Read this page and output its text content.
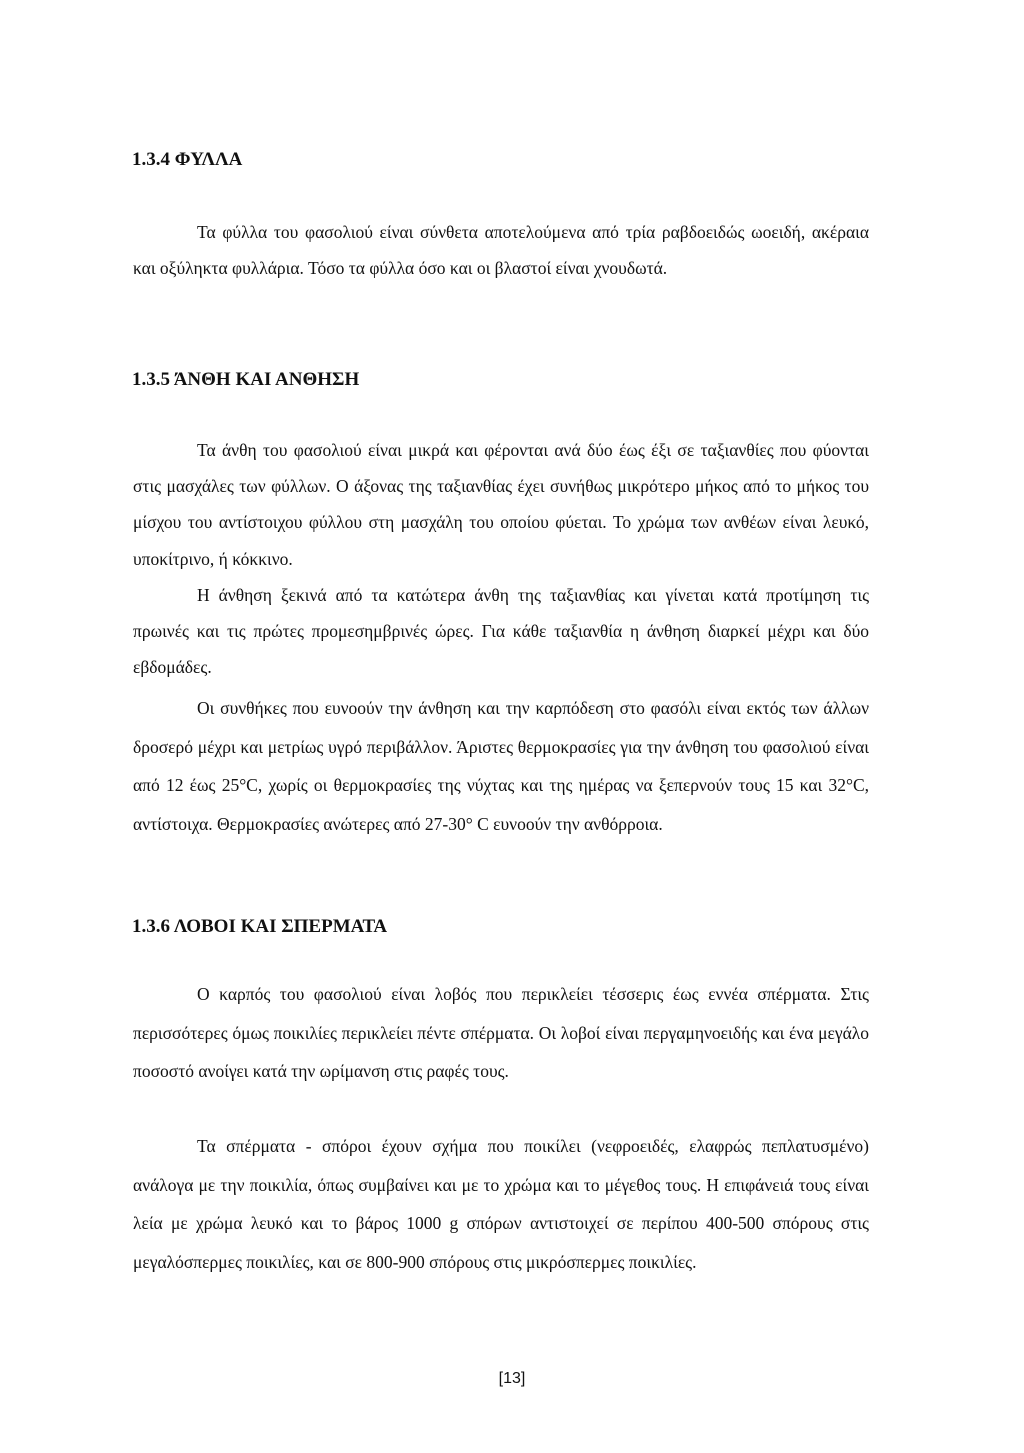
1.3.4 ΦΥΛΛΑ

Τα φύλλα του φασολιού είναι σύνθετα αποτελούμενα από τρία ραβδοειδώς ωοειδή, ακέραια και οξύληκτα φυλλάρια. Τόσο τα φύλλα όσο και οι βλαστοί είναι χνουδωτά.

1.3.5 ΆΝΘΗ ΚΑΙ ΑΝΘΗΣΗ

Τα άνθη του φασολιού είναι μικρά και φέρονται ανά δύο έως έξι σε ταξιανθίες που φύονται στις μασχάλες των φύλλων. Ο άξονας της ταξιανθίας έχει συνήθως μικρότερο μήκος από το μήκος του μίσχου του αντίστοιχου φύλλου στη μασχάλη του οποίου φύεται. Το χρώμα των ανθέων είναι λευκό, υποκίτρινο, ή κόκκινο.

Η άνθηση ξεκινά από τα κατώτερα άνθη της ταξιανθίας και γίνεται κατά προτίμηση τις πρωινές και τις πρώτες προμεσημβρινές ώρες. Για κάθε ταξιανθία η άνθηση διαρκεί μέχρι και δύο εβδομάδες.

Οι συνθήκες που ευνοούν την άνθηση και την καρπόδεση στο φασόλι είναι εκτός των άλλων δροσερό μέχρι και μετρίως υγρό περιβάλλον. Άριστες θερμοκρασίες για την άνθηση του φασολιού είναι από 12 έως 25°C, χωρίς οι θερμοκρασίες της νύχτας και της ημέρας να ξεπερνούν τους 15 και 32°C, αντίστοιχα. Θερμοκρασίες ανώτερες από 27-30° C ευνοούν την ανθόρροια.

1.3.6 ΛΟΒΟΙ ΚΑΙ ΣΠΕΡΜΑΤΑ

Ο καρπός του φασολιού είναι λοβός που περικλείει τέσσερις έως εννέα σπέρματα. Στις περισσότερες όμως ποικιλίες περικλείει πέντε σπέρματα. Οι λοβοί είναι περγαμηνοειδής και ένα μεγάλο ποσοστό ανοίγει κατά την ωρίμανση στις ραφές τους.

Τα σπέρματα - σπόροι έχουν σχήμα που ποικίλει (νεφροειδές, ελαφρώς πεπλατυσμένο) ανάλογα με την ποικιλία, όπως συμβαίνει και με το χρώμα και το μέγεθος τους. Η επιφάνειά τους είναι λεία με χρώμα λευκό και το βάρος 1000 g σπόρων αντιστοιχεί σε περίπου 400-500 σπόρους στις μεγαλόσπερμες ποικιλίες, και σε 800-900 σπόρους στις μικρόσπερμες ποικιλίες.

[13]
